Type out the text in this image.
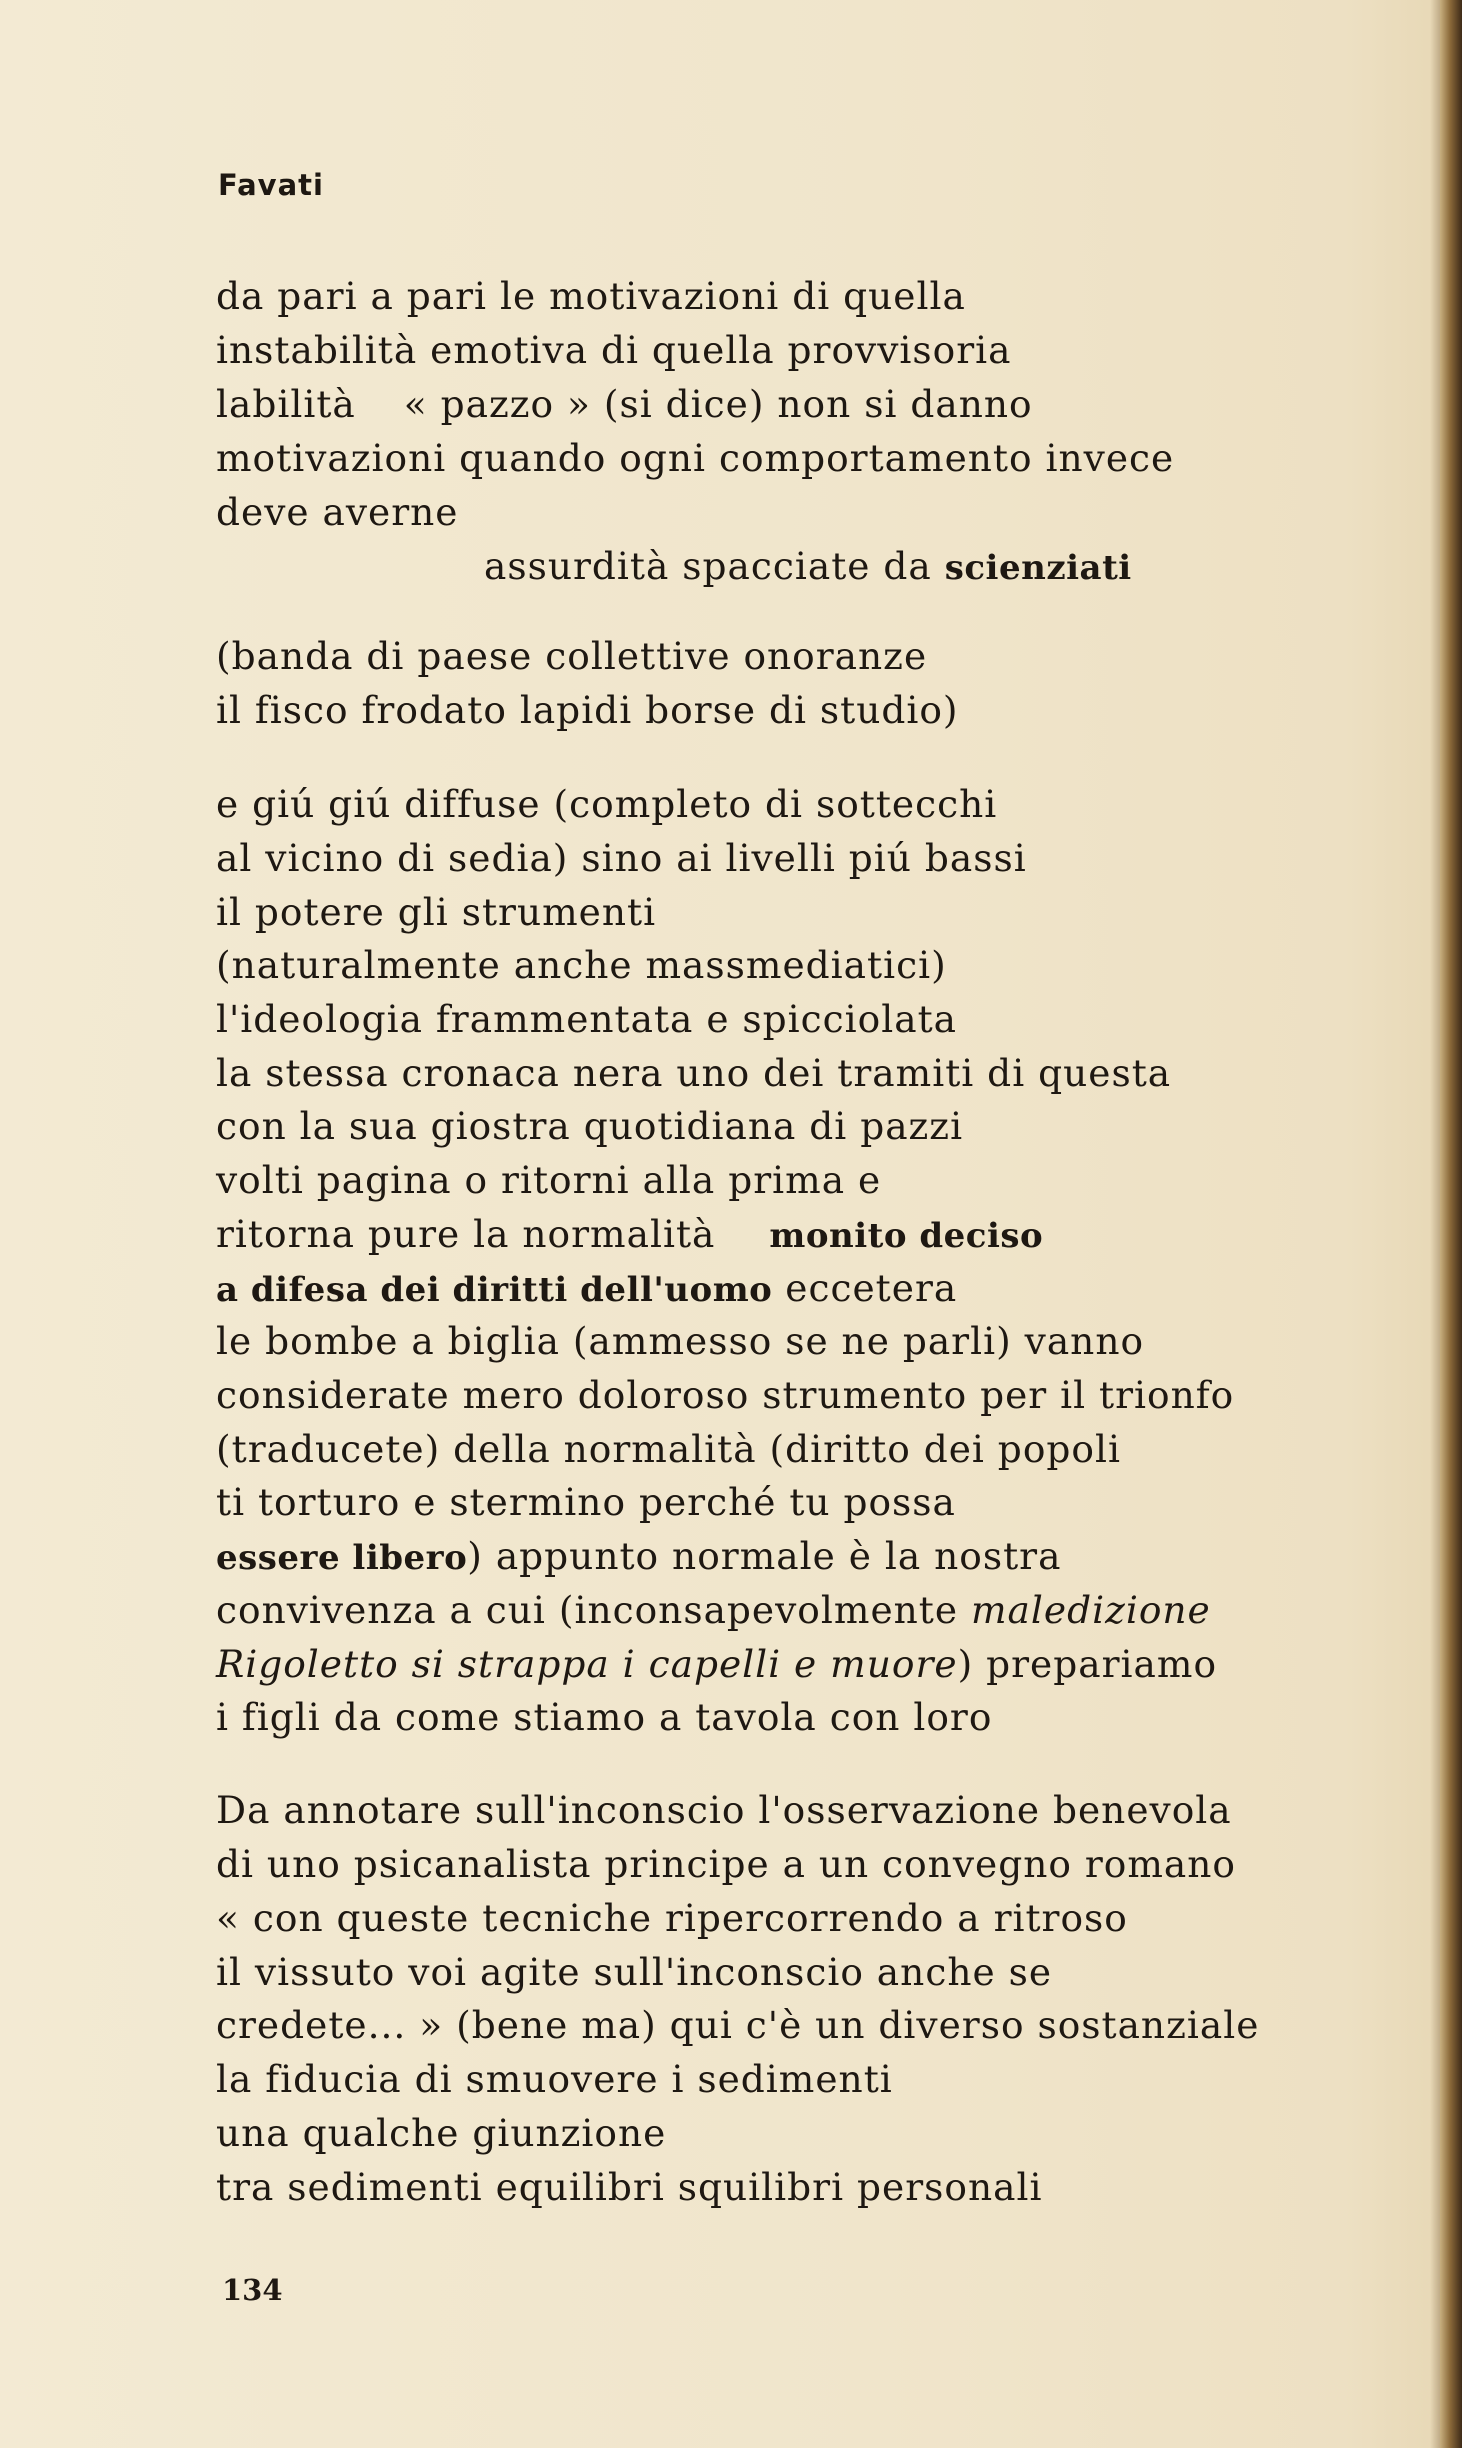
Favati
da pari a pari le motivazioni di quella
instabilità emotiva di quella provvisoria
labilità « pazzo » (si dice) non si danno
motivazioni quando ogni comportamento invece
deve averne
assurdità spacciate da scienziati
(banda di paese collettive onoranze
il fisco frodato lapidi borse di studio)
e giú giú diffuse (completo di sottecchi
al vicino di sedia) sino ai livelli piú bassi
il potere gli strumenti
(naturalmente anche massmediatici)
l'ideologia frammentata e spicciolata
la stessa cronaca nera uno dei tramiti di questa
con la sua giostra quotidiana di pazzi
volti pagina o ritorni alla prima e
ritorna pure la normalità monito deciso
a difesa dei diritti dell'uomo eccetera
le bombe a biglia (ammesso se ne parli) vanno
considerate mero doloroso strumento per il trionfo
(traducete) della normalità (diritto dei popoli
ti torturo e stermino perché tu possa
essere libero) appunto normale è la nostra
convivenza a cui (inconsapevolmente maledizione
Rigoletto si strappa i capelli e muore) prepariamo
i figli da come stiamo a tavola con loro
Da annotare sull'inconscio l'osservazione benevola
di uno psicanalista principe a un convegno romano
« con queste tecniche ripercorrendo a ritroso
il vissuto voi agite sull'inconscio anche se
credete... » (bene ma) qui c'è un diverso sostanziale
la fiducia di smuovere i sedimenti
una qualche giunzione
tra sedimenti equilibri squilibri personali
134
